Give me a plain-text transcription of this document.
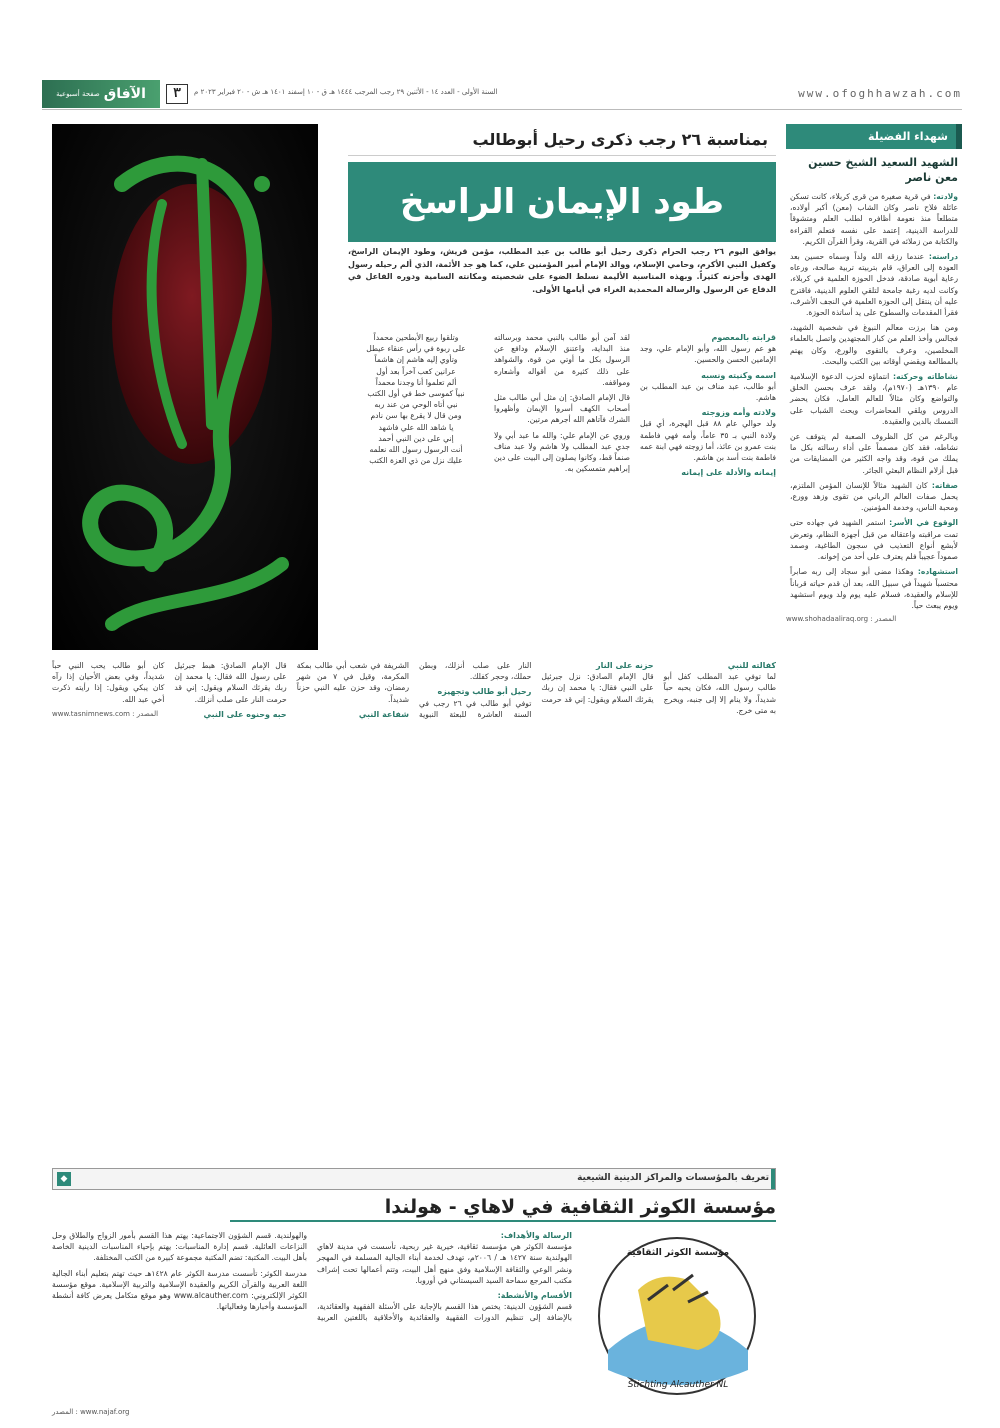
الآفاق
صفحة أسبوعية	٣	السنة الأولى - العدد ١٤ - الأثنين ٢٩ رجب المرجب ١٤٤٤ هـ ق - ١٠ إسفند ١٤٠١ هـ ش - ٢٠ فبراير ٢٠٢٣ م	www.ofoghhawzah.com
شهداء الفضيلة
الشهيد السعيد الشيخ حسين معن ناصر

ولادته: في قرية صغيرة من قرى كربلاء، كانت تسكن عائلة فلاح ناصر وكان الشاب (معن) أكبر أولاده، متطلعاً منذ نعومة أظافره لطلب العلم ومتشوقاً للدراسة الدينية، إعتمد على نفسه فتعلم القراءة والكتابة من زملائه في القرية، وقرأ القرآن الكريم.

دراسته: عندما رزقه الله ولداً وسماه حسين بعد العودة إلى العراق، قام بتربيته تربية صالحة، ورعاه رعاية أبوية صادقة، فدخل الحوزة العلمية في كربلاء، وكانت لديه رغبة جامحة لتلقي العلوم الدينية، فاقترح عليه أن ينتقل إلى الحوزة العلمية في النجف الأشرف، فقرأ المقدمات والسطوح على يد أساتذة الحوزة.

ومن هنا برزت معالم النبوغ في شخصية الشهيد، فجالس وأخذ العلم من كبار المجتهدين واتصل بالعلماء المخلصين، وعرف بالتقوى والورع، وكان يهتم بالمطالعة ويقضي أوقاته بين الكتب والبحث.

نشاطاته وحركته: انتماؤه لحزب الدعوة الإسلامية عام ١٣٩٠هـ (١٩٧٠م)، ولقد عرف بحسن الخلق والتواضع وكان مثالاً للعالم العامل، فكان يحضر الدروس ويلقي المحاضرات ويحث الشباب على التمسك بالدين والعقيدة.

وبالرغم من كل الظروف الصعبة لم يتوقف عن نشاطه، فقد كان مصمماً على أداء رسالته بكل ما يملك من قوة، وقد واجه الكثير من المضايقات من قبل أزلام النظام البعثي الجائر.

صفاته: كان الشهيد مثالاً للإنسان المؤمن الملتزم، يحمل صفات العالم الرباني من تقوى وزهد وورع، ومحبة الناس، وخدمة المؤمنين.

الوقوع في الأسر: استمر الشهيد في جهاده حتى تمت مراقبته واعتقاله من قبل أجهزة النظام، وتعرض لأبشع أنواع التعذيب في سجون الطاغية، وصمد صموداً عجيباً فلم يعترف على أحد من إخوانه.

استشهاده: وهكذا مضى أبو سجاد إلى ربه صابراً محتسباً شهيداً في سبيل الله، بعد أن قدم حياته قرباناً للإسلام والعقيدة، فسلام عليه يوم ولد ويوم استشهد ويوم يبعث حياً.

www.shohadaaliraq.org : المصدر
بمناسبة ٢٦ رجب ذكرى رحيل أبوطالب
طود الإيمان الراسخ
يوافق اليوم ٢٦ رجب الحرام ذكرى رحيل أبو طالب بن عبد المطلب، مؤمن قريش، وطود الإيمان الراسخ، وكفيل النبي الأكرم، وحامي الإسلام، ووالد الإمام أمير المؤمنين علي، كما هو جد الأئمة، الذي ألم رحيله رسول الهدى وأحزنه كثيراً. وبهذه المناسبة الأليمة نسلط الضوء على شخصيته ومكانته السامية ودوره الفاعل في الدفاع عن الرسول والرسالة المحمدية الغراء في أيامها الأولى.
قرابته بالمعصوم

هو عم رسول الله، وأبو الإمام علي، وجد الإمامين الحسن والحسين.

اسمه وكنيته ونسبه

أبو طالب، عبد مناف بن عبد المطلب بن هاشم.

ولادته وأمه وزوجته

ولد حوالي عام ٨٨ قبل الهجرة، أي قبل ولادة النبي بـ ٣٥ عاماً، وأمه فهي فاطمة بنت عمرو بن عائذ، أما زوجته فهي ابنة عمه فاطمة بنت أسد بن هاشم.

إيمانه والأدلة على إيمانه

لقد آمن أبو طالب بالنبي محمد وبرسالته منذ البداية، واعتنق الإسلام ودافع عن الرسول بكل ما أوتي من قوة، والشواهد على ذلك كثيرة من أقواله وأشعاره ومواقفه.

قال الإمام الصادق: إن مثل أبي طالب مثل أصحاب الكهف أسروا الإيمان وأظهروا الشرك فآتاهم الله أجرهم مرتين.

وروي عن الإمام علي: والله ما عبد أبي ولا جدي عبد المطلب ولا هاشم ولا عبد مناف صنماً قط، وكانوا يصلون إلى البيت على دين إبراهيم متمسكين به.

وتلقوا ربيع الأبطحين محمداً
على ربوة في رأس عنقاء عيطل
وتأوي إليه هاشم إن هاشماً
عرانين كعب آخراً بعد أول
ألم تعلموا أنا وجدنا محمداً
نبياً كموسى خط في أول الكتب
نبي أتاه الوحي من عند ربه
ومن قال لا يقرع بها سن نادم
يا شاهد الله علي فاشهد
إني على دين النبي أحمد
أنت الرسول رسول الله نعلمه
عليك نزل من ذي العزة الكتب
كفالته للنبي

لما توفي عبد المطلب كفل أبو طالب رسول الله، فكان يحبه حباً شديداً، ولا ينام إلا إلى جنبه، ويخرج به متى خرج.

حزنه على النار

قال الإمام الصادق: نزل جبرئيل على النبي فقال: يا محمد إن ربك يقرئك السلام ويقول: إني قد حرمت النار على صلب أنزلك، وبطن حملك، وحجر كفلك.

رحيل أبو طالب وتجهيزه

توفي أبو طالب في ٢٦ رجب في السنة العاشرة للبعثة النبوية الشريفة في شعب أبي طالب بمكة المكرمة، وقيل في ٧ من شهر رمضان، وقد حزن عليه النبي حزناً شديداً.

شفاعة النبي

قال الإمام الصادق: هبط جبرئيل على رسول الله فقال: يا محمد إن ربك يقرئك السلام ويقول: إني قد حرمت النار على صلب أنزلك.

حبه وحنوه على النبي

كان أبو طالب يحب النبي حباً شديداً، وفي بعض الأحيان إذا رآه كان يبكي ويقول: إذا رأيته ذكرت أخي عبد الله.

www.tasnimnews.com : المصدر
تعريف بالمؤسسات والمراكز الدينية الشيعية
◆
مؤسسة الكوثر الثقافية في لاهاي - هولندا
مؤسسة الكوثر الثقافية
Stichting Alcauther NL
الرسالة والأهداف:

مؤسسة الكوثر هي مؤسسة ثقافية، خيرية غير ربحية، تأسست في مدينة لاهاي الهولندية سنة ١٤٢٧ هـ / ٢٠٠٦م، تهدف لخدمة أبناء الجالية المسلمة في المهجر ونشر الوعي والثقافة الإسلامية وفق منهج أهل البيت، وتتم أعمالها تحت إشراف مكتب المرجع سماحة السيد السيستاني في أوروبا.

الأقسام والأنشطة:

قسم الشؤون الدينية: يختص هذا القسم بالإجابة على الأسئلة الفقهية والعقائدية، بالإضافة إلى تنظيم الدورات الفقهية والعقائدية والأخلاقية باللغتين العربية والهولندية. قسم الشؤون الاجتماعية: يهتم هذا القسم بأمور الزواج والطلاق وحل النزاعات العائلية. قسم إدارة المناسبات: يهتم بإحياء المناسبات الدينية الخاصة بأهل البيت. المكتبة: تضم المكتبة مجموعة كبيرة من الكتب المختلفة.

مدرسة الكوثر: تأسست مدرسة الكوثر عام ١٤٢٨هـ حيث تهتم بتعليم أبناء الجالية اللغة العربية والقرآن الكريم والعقيدة الإسلامية والتربية الإسلامية. موقع مؤسسة الكوثر الإلكتروني: www.alcauther.com وهو موقع متكامل يعرض كافة أنشطة المؤسسة وأخبارها وفعالياتها.

www.najaf.org : المصدر
